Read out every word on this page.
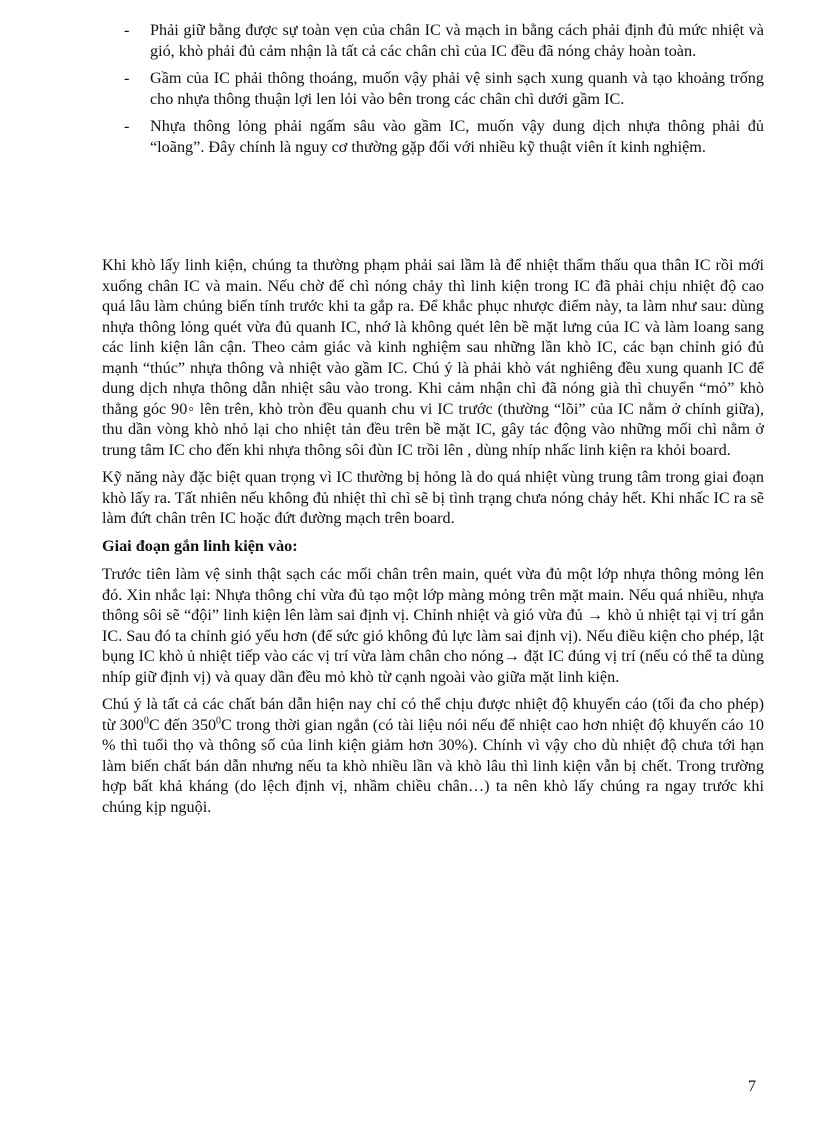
- Phải giữ bằng được sự toàn vẹn của chân IC và mạch in bằng cách phải định đủ mức nhiệt và gió, khò phải đủ cảm nhận là tất cả các chân chì của IC đều đã nóng chảy hoàn toàn.
- Gầm của IC phải thông thoáng, muốn vậy phải vệ sinh sạch xung quanh và tạo khoảng trống cho nhựa thông thuận lợi len lỏi vào bên trong các chân chì dưới gầm IC.
- Nhựa thông lỏng phải ngấm sâu vào gầm IC, muốn vậy dung dịch nhựa thông phải đủ “loãng”. Đây chính là nguy cơ thường gặp đối với nhiều kỹ thuật viên ít kinh nghiệm.

Khi khò lấy linh kiện, chúng ta thường phạm phải sai lầm là để nhiệt thẩm thấu qua thân IC rồi mới xuống chân IC và main. Nếu chờ để chì nóng chảy thì linh kiện trong IC đã phải chịu nhiệt độ cao quá lâu làm chúng biến tính trước khi ta gắp ra. Để khắc phục nhược điểm này, ta làm như sau: dùng nhựa thông lỏng quét vừa đủ quanh IC, nhớ là không quét lên bề mặt lưng của IC và làm loang sang các linh kiện lân cận. Theo cảm giác và kinh nghiệm sau những lần khò IC, các bạn chỉnh gió đủ mạnh “thúc” nhựa thông và nhiệt vào gầm IC. Chú ý là phải khò vát nghiêng đều xung quanh IC để dung dịch nhựa thông dẫn nhiệt sâu vào trong. Khi cảm nhận chì đã nóng già thì chuyển “mỏ” khò thẳng góc 90◦ lên trên, khò tròn đều quanh chu vi IC trước (thường “lõi” của IC nằm ở chính giữa), thu dần vòng khò nhỏ lại cho nhiệt tản đều trên bề mặt IC, gây tác động vào những mối chì nằm ở trung tâm IC cho đến khi nhựa thông sôi đùn IC trồi lên , dùng nhíp nhấc linh kiện ra khỏi board.

Kỹ năng này đặc biệt quan trọng vì IC thường bị hỏng là do quá nhiệt vùng trung tâm trong giai đoạn khò lấy ra. Tất nhiên nếu không đủ nhiệt thì chì sẽ bị tình trạng chưa nóng chảy hết. Khi nhấc IC ra sẽ làm đứt chân trên IC hoặc đứt đường mạch trên board.

Giai đoạn gắn linh kiện vào:

Trước tiên làm vệ sinh thật sạch các mối chân trên main, quét vừa đủ một lớp nhựa thông mỏng lên đó. Xin nhắc lại: Nhựa thông chỉ vừa đủ tạo một lớp màng mỏng trên mặt main. Nếu quá nhiều, nhựa thông sôi sẽ “đội” linh kiện lên làm sai định vị. Chỉnh nhiệt và gió vừa đủ → khò ủ nhiệt tại vị trí gắn IC. Sau đó ta chỉnh gió yếu hơn (để sức gió không đủ lực làm sai định vị). Nếu điều kiện cho phép, lật bụng IC khò ủ nhiệt tiếp vào các vị trí vừa làm chân cho nóng→ đặt IC đúng vị trí (nếu có thể ta dùng nhíp giữ định vị) và quay dần đều mỏ khò từ cạnh ngoài vào giữa mặt linh kiện.

Chú ý là tất cả các chất bán dẫn hiện nay chỉ có thể chịu được nhiệt độ khuyến cáo (tối đa cho phép) từ $300^0C$ đến $350^0C$ trong thời gian ngắn (có tài liệu nói nếu để nhiệt cao hơn nhiệt độ khuyến cáo 10 % thì tuổi thọ và thông số của linh kiện giảm hơn 30%). Chính vì vậy cho dù nhiệt độ chưa tới hạn làm biến chất bán dẫn nhưng nếu ta khò nhiều lần và khò lâu thì linh kiện vẫn bị chết. Trong trường hợp bất khả kháng (do lệch định vị, nhầm chiều chân…) ta nên khò lấy chúng ra ngay trước khi chúng kịp nguội.

7
